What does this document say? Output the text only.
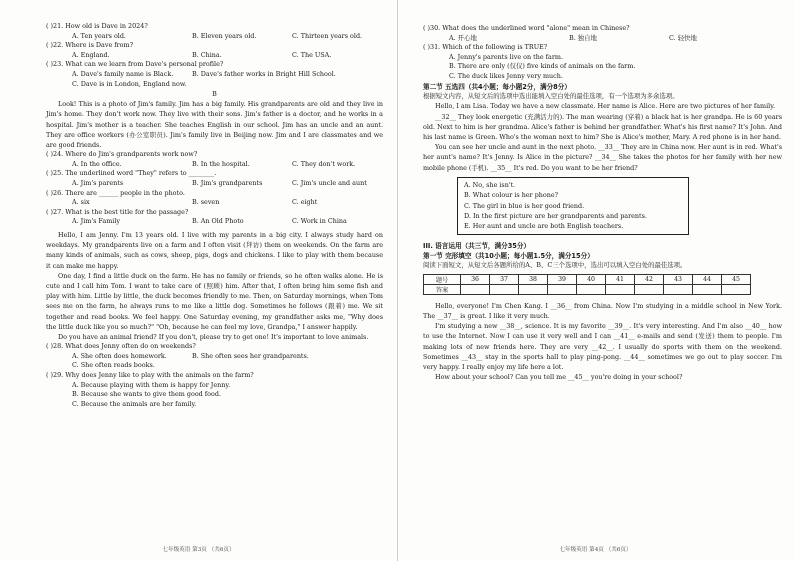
( )21. How old is Dave in 2024?
A. Ten years old.	B. Eleven years old.	C. Thirteen years old.
( )22. Where is Dave from?
A. England.	B. China.	C. The USA.
( )23. What can we learn from Dave's personal profile?
A. Dave's family name is Black.	B. Dave's father works in Bright Hill School.
C. Dave is in London, England now.
B

Look! This is a photo of Jim's family. Jim has a big family. His grandparents are old and they live in Jim's home. They don't work now. They live with their sons. Jim's father is a doctor, and he works in a hospital. Jim's mother is a teacher. She teaches English in our school. Jim has an uncle and an aunt. They are office workers (办公室职员). Jim's family live in Beijing now. Jim and I are classmates and we are good friends.

( )24. Where do Jim's grandparents work now?
A. In the office.	B. In the hospital.	C. They don't work.
( )25. The underlined word "They" refers to ________.
A. Jim's parents	B. Jim's grandparents	C. Jim's uncle and aunt
( )26. There are ______ people in the photo.
A. six	B. seven	C. eight
( )27. What is the best title for the passage?
A. Jim's Family	B. An Old Photo	C. Work in China

Hello, I am Jenny. I'm 13 years old. I live with my parents in a big city. I always study hard on weekdays. My grandparents live on a farm and I often visit (拜访) them on weekends. On the farm are many kinds of animals, such as cows, sheep, pigs, dogs and chickens. I like to play with them because it can make me happy.

One day, I find a little duck on the farm. He has no family or friends, so he often walks alone. He is cute and I call him Tom. I want to take care of (照顾) him. After that, I often bring him some fish and play with him. Little by little, the duck becomes friendly to me. Then, on Saturday mornings, when Tom sees me on the farm, he always runs to me like a little dog. Sometimes he follows (跟着) me. We sit together and read books. We feel happy. One Saturday evening, my grandfather asks me, "Why does the little duck like you so much?" "Oh, because he can feel my love, Grandpa," I answer happily.

Do you have an animal friend? If you don't, please try to get one! It's important to love animals.

( )28. What does Jenny often do on weekends?
A. She often does homework.	B. She often sees her grandparents.
C. She often reads books.
( )29. Why does Jenny like to play with the animals on the farm?
A. Because playing with them is happy for Jenny.
B. Because she wants to give them good food.
C. Because the animals are her family.
七年级英语 第3页 （共6页）
( )30. What does the underlined word "alone" mean in Chinese?
A. 开心地	B. 独自地	C. 轻快地
( )31. Which of the following is TRUE?
A. Jenny's parents live on the farm.
B. There are only (仅仅) five kinds of animals on the farm.
C. The duck likes Jenny very much.
第二节 五选四（共4小题；每小题2分，满分8分）
根据短文内容，从短文后的选项中选出能填入空白处的最佳选项，有一个选项为多余选项。

Hello, I am Lisa. Today we have a new classmate. Her name is Alice. Here are two pictures of her family.

__32__ They look energetic (充满活力的). The man wearing (穿着) a black hat is her grandpa. He is 60 years old. Next to him is her grandma. Alice's father is behind her grandfather. What's his first name? It's John. And his last name is Green. Who's the woman next to him? She is Alice's mother, Mary. A red phone is in her hand.

You can see her uncle and aunt in the next photo. __33__ They are in China now. Her aunt is in red. What's her aunt's name? It's Jenny. Is Alice in the picture? __34__ She takes the photos for her family with her new mobile phone (手机). __35__ It's red. Do you want to be her friend?

A. No, she isn't.
B. What colour is her phone?
C. The girl in blue is her good friend.
D. In the first picture are her grandparents and parents.
E. Her aunt and uncle are both English teachers.
III. 语言运用（共三节，满分35分）
第一节 完形填空（共10小题；每小题1.5分，满分15分）
阅读下面短文，从短文后各题所给的A、B、C三个选项中，选出可以填入空白处的最佳选项。
题号	36	37	38	39	40	41	42	43	44	45
答案										

Hello, everyone! I'm Chen Kang. I __36__ from China. Now I'm studying in a middle school in New York. The __37__ is great. I like it very much.

I'm studying a new __38__, science. It is my favorite __39__. It's very interesting. And I'm also __40__ how to use the Internet. Now I can use it very well and I can __41__ e-mails and send (发送) them to people. I'm making lots of new friends here. They are very __42__. I usually do sports with them on the weekend. Sometimes __43__ stay in the sports hall to play ping-pong. __44__ sometimes we go out to play soccer. I'm very happy. I really enjoy my life here a lot.

How about your school? Can you tell me __45__ you're doing in your school?

七年级英语 第4页 （共6页）
